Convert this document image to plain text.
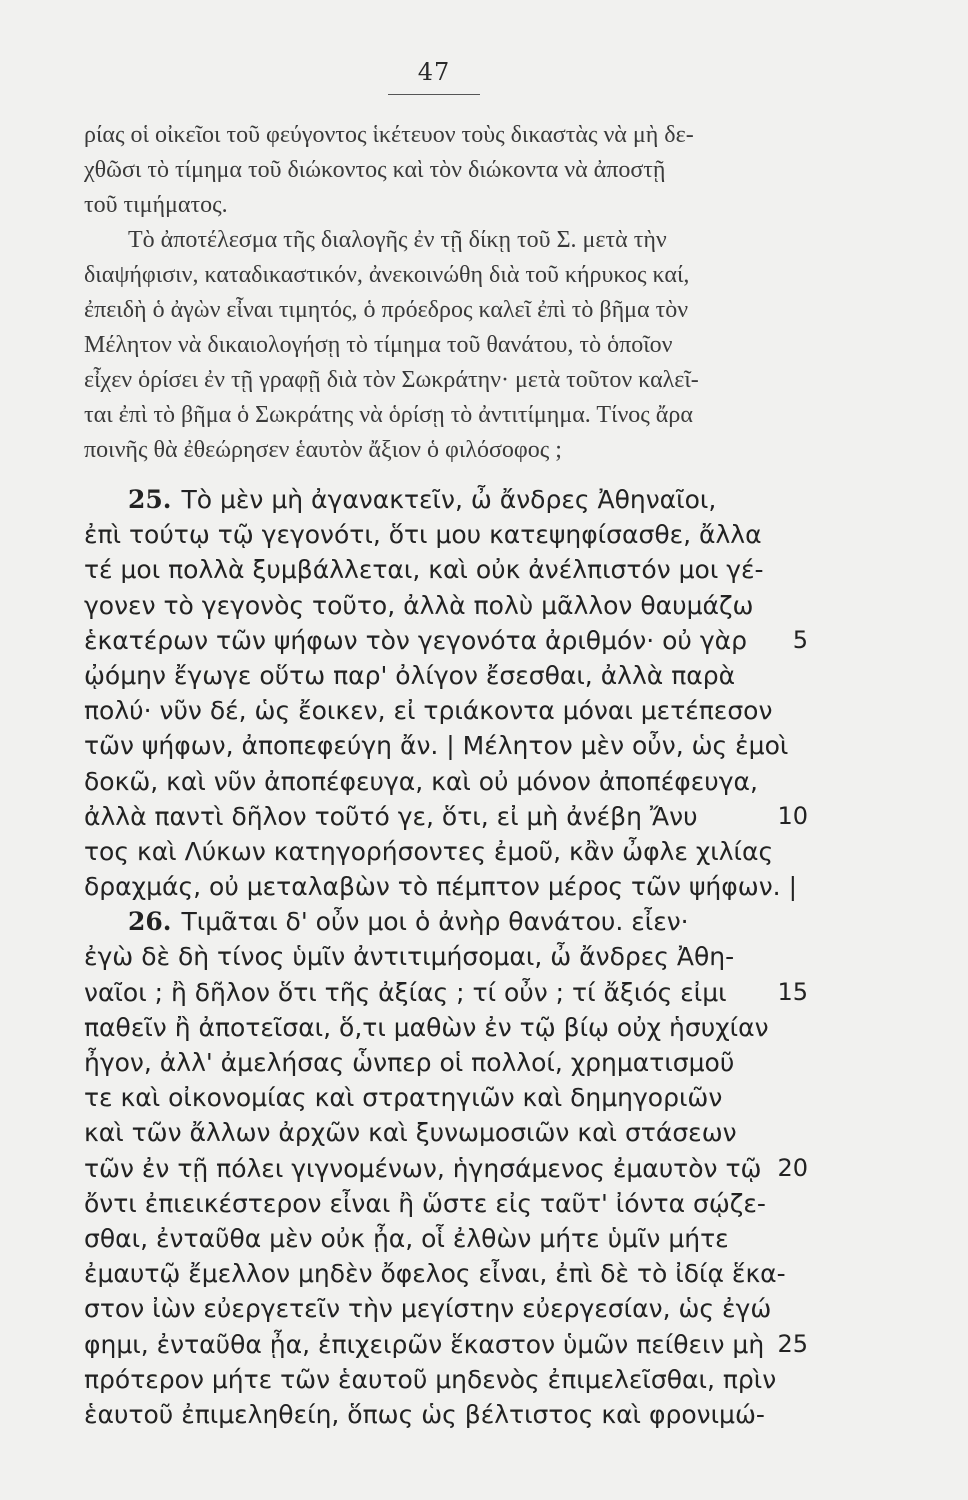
47
ρίας οἱ οἰκεῖοι τοῦ φεύγοντος ἱκέτευον τοὺς δικαστὰς νὰ μὴ δε-
χθῶσι τὸ τίμημα τοῦ διώκοντος καὶ τὸν διώκοντα νὰ ἀποστῇ
τοῦ τιμήματος.
Τὸ ἀποτέλεσμα τῆς διαλογῆς ἐν τῇ δίκῃ τοῦ Σ. μετὰ τὴν
διαψήφισιν, καταδικαστικόν, ἀνεκοινώθη διὰ τοῦ κήρυκος καί,
ἐπειδὴ ὁ ἀγὼν εἶναι τιμητός, ὁ πρόεδρος καλεῖ ἐπὶ τὸ βῆμα τὸν
Μέλητον νὰ δικαιολογήσῃ τὸ τίμημα τοῦ θανάτου, τὸ ὁποῖον
εἶχεν ὁρίσει ἐν τῇ γραφῇ διὰ τὸν Σωκράτην· μετὰ τοῦτον καλεῖ-
ται ἐπὶ τὸ βῆμα ὁ Σωκράτης νὰ ὁρίσῃ τὸ ἀντιτίμημα. Τίνος ἄρα
ποινῆς θὰ ἐθεώρησεν ἑαυτὸν ἄξιον ὁ φιλόσοφος ;
25. Τὸ μὲν μὴ ἀγανακτεῖν, ὦ ἄνδρες Ἀθηναῖοι,
ἐπὶ τούτῳ τῷ γεγονότι, ὅτι μου κατεψηφίσασθε, ἄλλα
τέ μοι πολλὰ ξυμβάλλεται, καὶ οὐκ ἀνέλπιστόν μοι γέ-
γονεν τὸ γεγονὸς τοῦτο, ἀλλὰ πολὺ μᾶλλον θαυμάζω
ἑκατέρων τῶν ψήφων τὸν γεγονότα ἀριθμόν· οὐ γὰρ 5
ᾠόμην ἔγωγε οὕτω παρ' ὀλίγον ἔσεσθαι, ἀλλὰ παρὰ
πολύ· νῦν δέ, ὡς ἔοικεν, εἰ τριάκοντα μόναι μετέπεσον
τῶν ψήφων, ἀποπεφεύγη ἄν. | Μέλητον μὲν οὖν, ὡς ἐμοὶ
δοκῶ, καὶ νῦν ἀποπέφευγα, καὶ οὐ μόνον ἀποπέφευγα,
ἀλλὰ παντὶ δῆλον τοῦτό γε, ὅτι, εἰ μὴ ἀνέβη Ἄνυ	10
τος καὶ Λύκων κατηγορήσοντες ἐμοῦ, κἂν ὦφλε χιλίας
δραχμάς, οὐ μεταλαβὼν τὸ πέμπτον μέρος τῶν ψήφων. |
26. Τιμᾶται δ' οὖν μοι ὁ ἀνὴρ θανάτου. εἶεν·
ἐγὼ δὲ δὴ τίνος ὑμῖν ἀντιτιμήσομαι, ὦ ἄνδρες Ἀθη-
ναῖοι ; ἢ δῆλον ὅτι τῆς ἀξίας ; τί οὖν ; τί ἄξιός εἰμι 15
παθεῖν ἢ ἀποτεῖσαι, ὅ,τι μαθὼν ἐν τῷ βίῳ οὐχ ἡσυχίαν
ἦγον, ἀλλ' ἀμελήσας ὧνπερ οἱ πολλοί, χρηματισμοῦ
τε καὶ οἰκονομίας καὶ στρατηγιῶν καὶ δημηγοριῶν
καὶ τῶν ἄλλων ἀρχῶν καὶ ξυνωμοσιῶν καὶ στάσεων
τῶν ἐν τῇ πόλει γιγνομένων, ἡγησάμενος ἐμαυτὸν τῷ 20
ὄντι ἐπιεικέστερον εἶναι ἢ ὥστε εἰς ταῦτ' ἰόντα σῴζε-
σθαι, ἐνταῦθα μὲν οὐκ ᾖα, οἷ ἐλθὼν μήτε ὑμῖν μήτε
ἐμαυτῷ ἔμελλον μηδὲν ὄφελος εἶναι, ἐπὶ δὲ τὸ ἰδίᾳ ἕκα-
στον ἰὼν εὐεργετεῖν τὴν μεγίστην εὐεργεσίαν, ὡς ἐγώ
φημι, ἐνταῦθα ᾖα, ἐπιχειρῶν ἕκαστον ὑμῶν πείθειν μὴ 25
πρότερον μήτε τῶν ἑαυτοῦ μηδενὸς ἐπιμελεῖσθαι, πρὶν
ἑαυτοῦ ἐπιμεληθείη, ὅπως ὡς βέλτιστος καὶ φρονιμώ-
